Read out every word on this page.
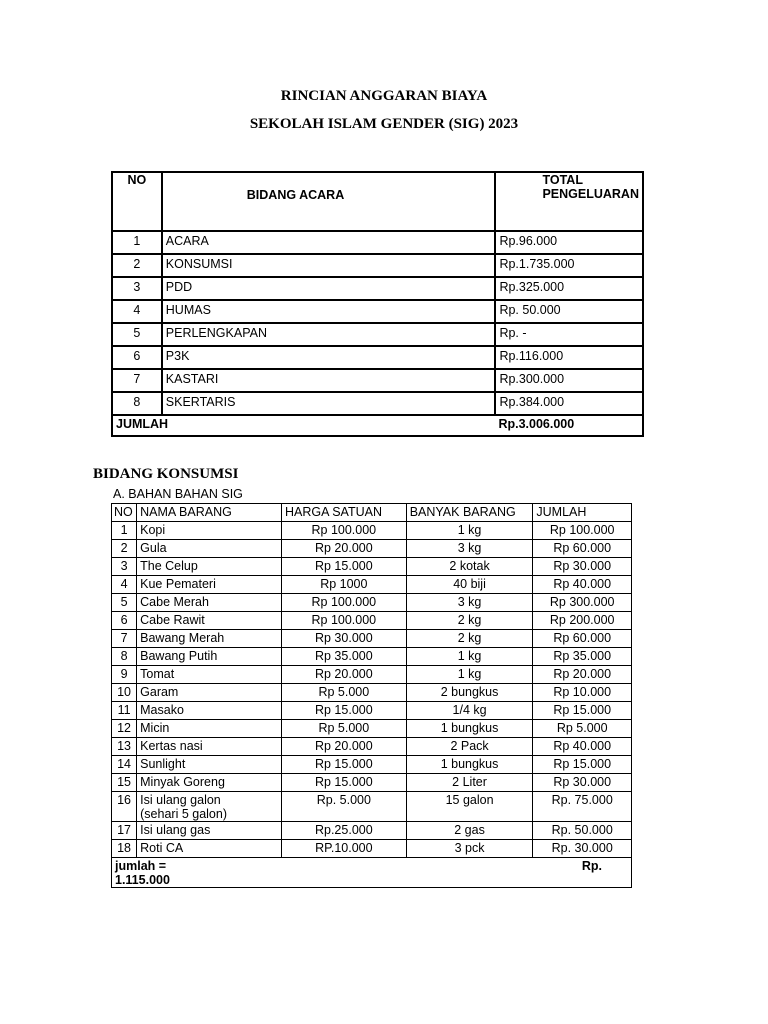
RINCIAN ANGGARAN BIAYA
SEKOLAH ISLAM GENDER (SIG) 2023
NO	BIDANG ACARA	TOTAL PENGELUARAN
1	ACARA	Rp.96.000
2	KONSUMSI	Rp.1.735.000
3	PDD	Rp.325.000
4	HUMAS	Rp. 50.000
5	PERLENGKAPAN	Rp. -
6	P3K	Rp.116.000
7	KASTARI	Rp.300.000
8	SKERTARIS	Rp.384.000
JUMLAH		Rp.3.006.000
BIDANG KONSUMSI
A. BAHAN BAHAN SIG
NO	NAMA BARANG	HARGA SATUAN	BANYAK BARANG	JUMLAH
1	Kopi	Rp 100.000	1 kg	Rp 100.000
2	Gula	Rp 20.000	3 kg	Rp 60.000
3	The Celup	Rp 15.000	2 kotak	Rp 30.000
4	Kue Pemateri	Rp 1000	40 biji	Rp 40.000
5	Cabe Merah	Rp 100.000	3 kg	Rp 300.000
6	Cabe Rawit	Rp 100.000	2 kg	Rp 200.000
7	Bawang Merah	Rp 30.000	2 kg	Rp 60.000
8	Bawang Putih	Rp 35.000	1 kg	Rp 35.000
9	Tomat	Rp 20.000	1 kg	Rp 20.000
10	Garam	Rp 5.000	2 bungkus	Rp 10.000
11	Masako	Rp 15.000	1/4 kg	Rp 15.000
12	Micin	Rp 5.000	1 bungkus	Rp 5.000
13	Kertas nasi	Rp 20.000	2 Pack	Rp 40.000
14	Sunlight	Rp 15.000	1 bungkus	Rp 15.000
15	Minyak Goreng	Rp 15.000	2 Liter	Rp 30.000
16	Isi ulang galon
(sehari 5 galon)	Rp. 5.000	15 galon	Rp. 75.000
17	Isi ulang gas	Rp.25.000	2 gas	Rp. 50.000
18	Roti CA	RP.10.000	3 pck	Rp. 30.000
jumlah = Rp.
1.115.000				
